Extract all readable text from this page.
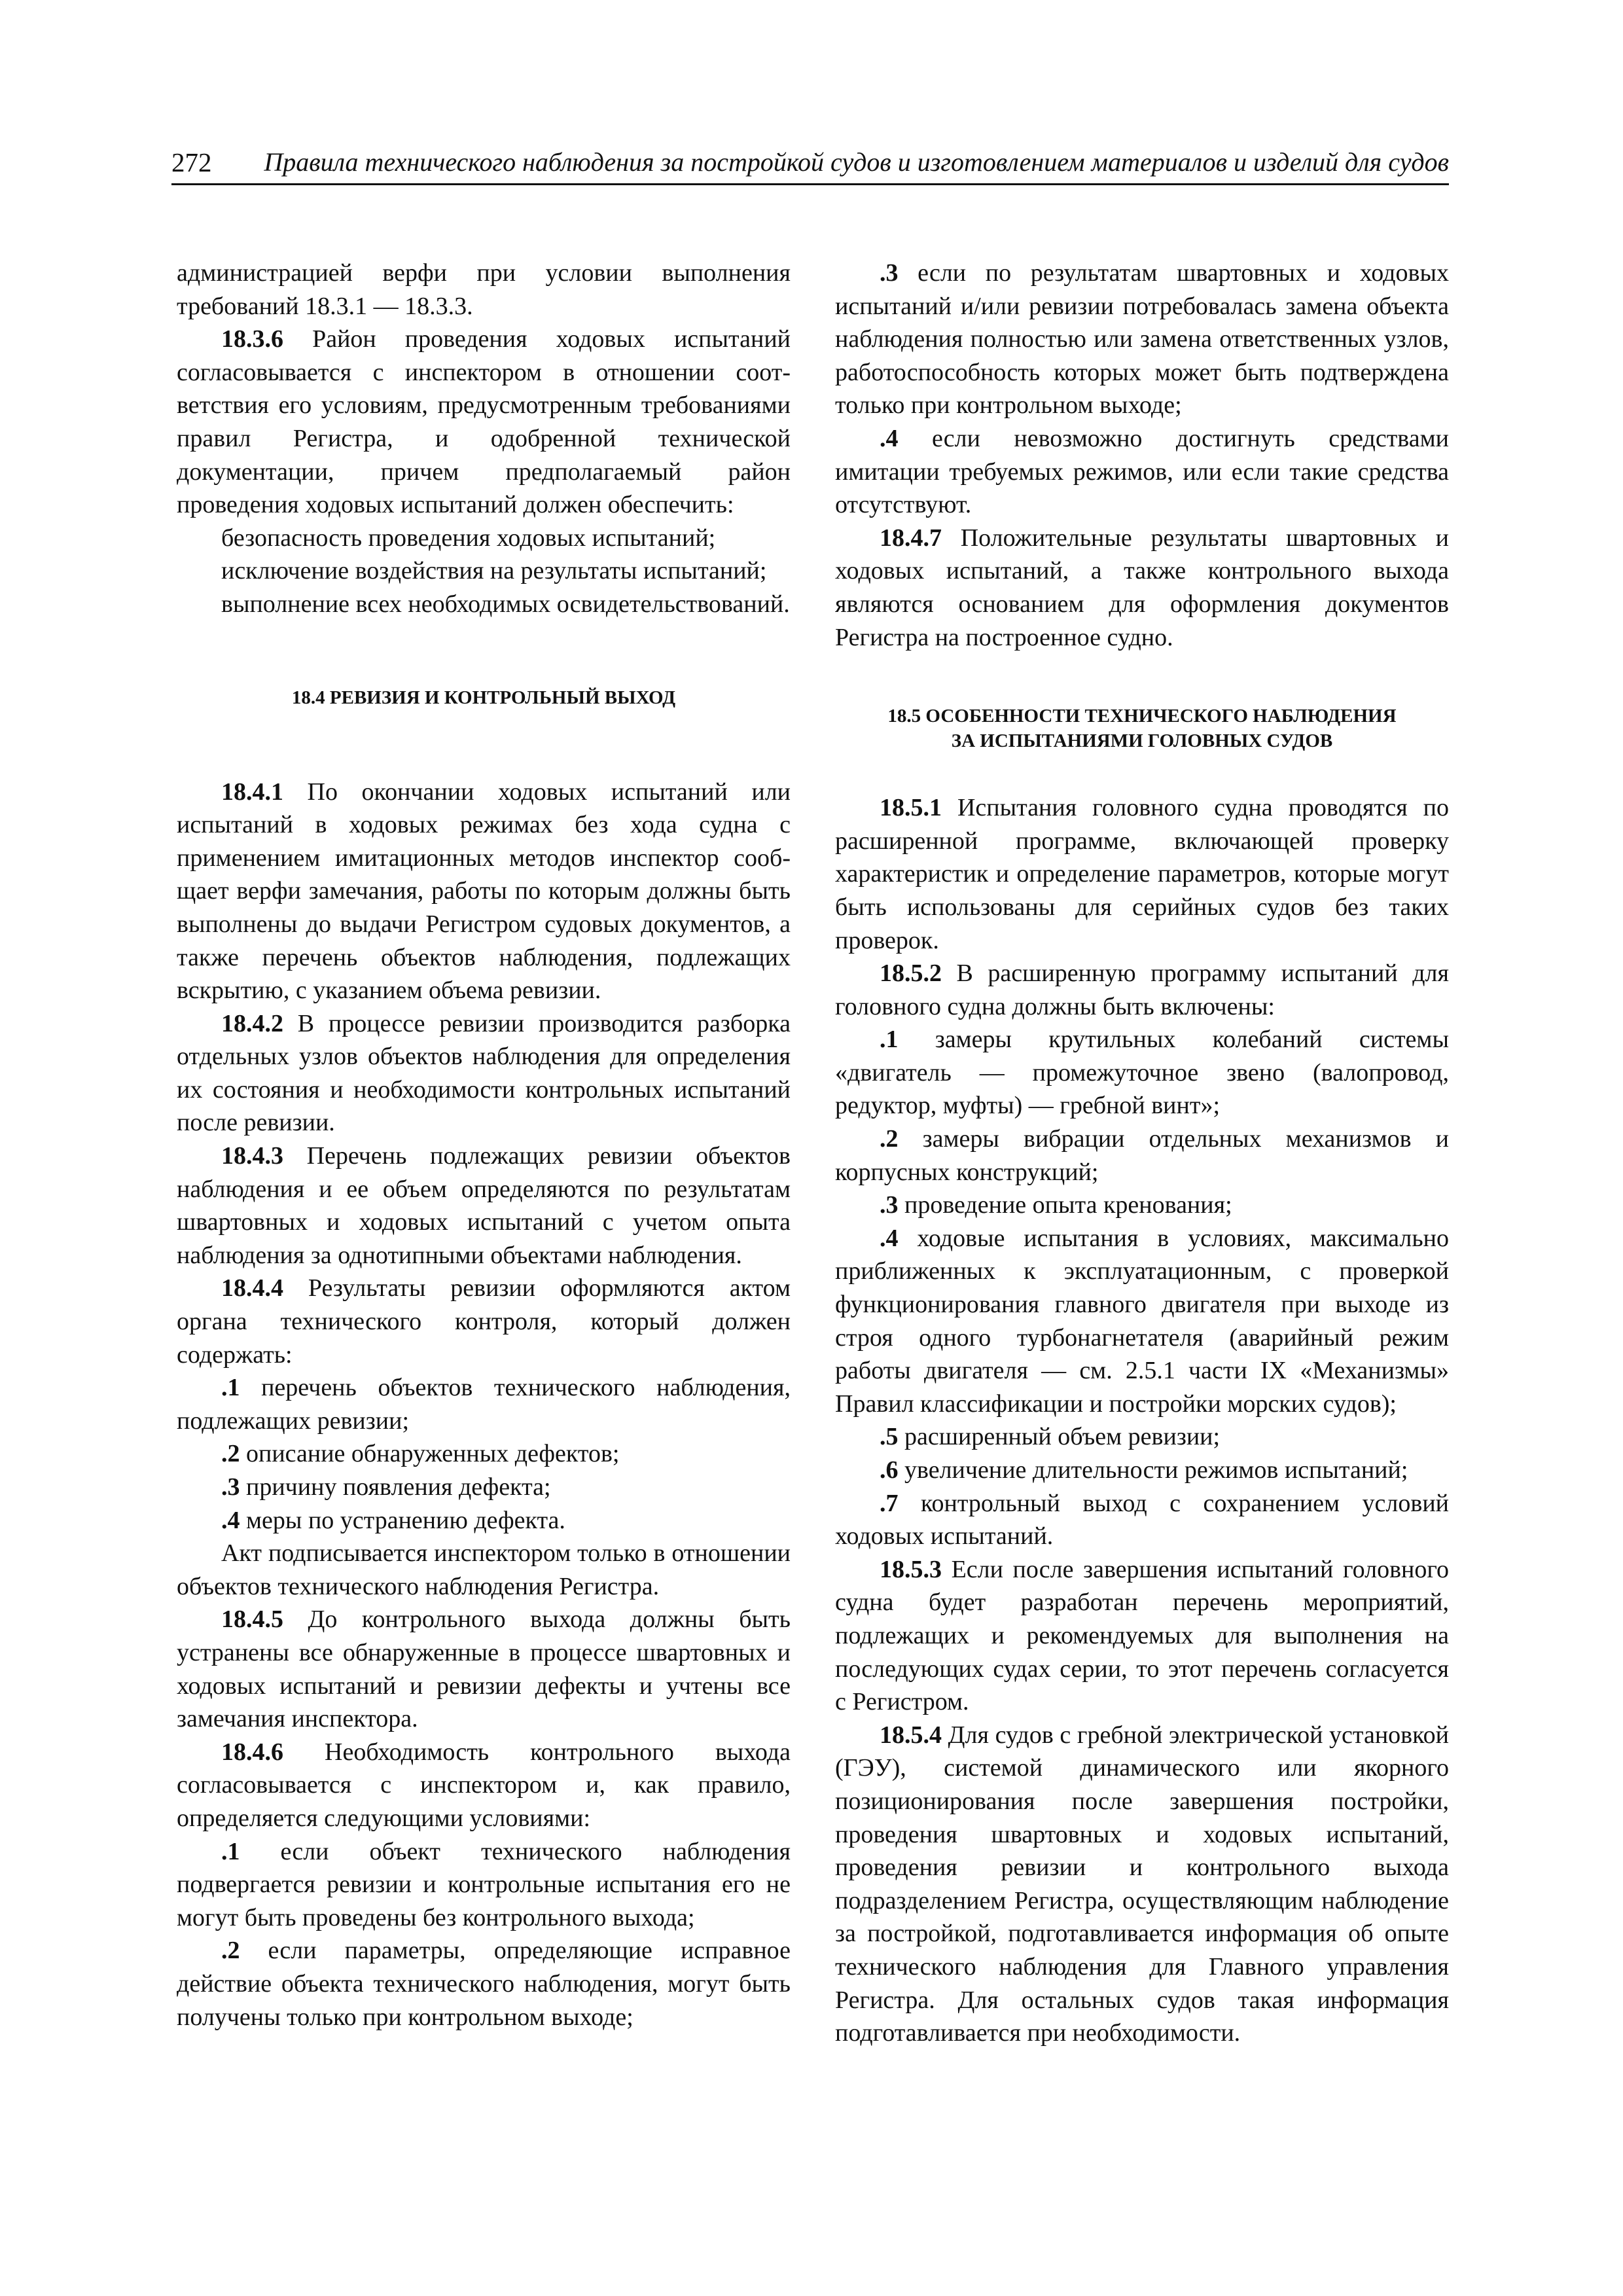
272 Правила технического наблюдения за постройкой судов и изготовлением материалов и изделий для судов

администрацией верфи при условии выполнения требований 18.3.1 — 18.3.3.

18.3.6 Район проведения ходовых испытаний согласовывается с инспектором в отношении соответствия его условиям, предусмотренным требованиями правил Регистра, и одобренной технической документации, причем предполагаемый район проведения ходовых испытаний должен обеспечить:

безопасность проведения ходовых испытаний;

исключение воздействия на результаты испытаний;

выполнение всех необходимых освидетельствований.

18.4 РЕВИЗИЯ И КОНТРОЛЬНЫЙ ВЫХОД

18.4.1 По окончании ходовых испытаний или испытаний в ходовых режимах без хода судна с применением имитационных методов инспектор сообщает верфи замечания, работы по которым должны быть выполнены до выдачи Регистром судовых документов, а также перечень объектов наблюдения, подлежащих вскрытию, с указанием объема ревизии.

18.4.2 В процессе ревизии производится разборка отдельных узлов объектов наблюдения для определения их состояния и необходимости контрольных испытаний после ревизии.

18.4.3 Перечень подлежащих ревизии объектов наблюдения и ее объем определяются по результатам швартовных и ходовых испытаний с учетом опыта наблюдения за однотипными объектами наблюдения.

18.4.4 Результаты ревизии оформляются актом органа технического контроля, который должен содержать:

.1 перечень объектов технического наблюдения, подлежащих ревизии;

.2 описание обнаруженных дефектов;

.3 причину появления дефекта;

.4 меры по устранению дефекта.

Акт подписывается инспектором только в отношении объектов технического наблюдения Регистра.

18.4.5 До контрольного выхода должны быть устранены все обнаруженные в процессе швартовных и ходовых испытаний и ревизии дефекты и учтены все замечания инспектора.

18.4.6 Необходимость контрольного выхода согласовывается с инспектором и, как правило, определяется следующими условиями:

.1 если объект технического наблюдения подвергается ревизии и контрольные испытания его не могут быть проведены без контрольного выхода;

.2 если параметры, определяющие исправное действие объекта технического наблюдения, могут быть получены только при контрольном выходе;

.3 если по результатам швартовных и ходовых испытаний и/или ревизии потребовалась замена объекта наблюдения полностью или замена ответственных узлов, работоспособность которых может быть подтверждена только при контрольном выходе;

.4 если невозможно достигнуть средствами имитации требуемых режимов, или если такие средства отсутствуют.

18.4.7 Положительные результаты швартовных и ходовых испытаний, а также контрольного выхода являются основанием для оформления документов Регистра на построенное судно.

18.5 ОСОБЕННОСТИ ТЕХНИЧЕСКОГО НАБЛЮДЕНИЯ
ЗА ИСПЫТАНИЯМИ ГОЛОВНЫХ СУДОВ

18.5.1 Испытания головного судна проводятся по расширенной программе, включающей проверку характеристик и определение параметров, которые могут быть использованы для серийных судов без таких проверок.

18.5.2 В расширенную программу испытаний для головного судна должны быть включены:

.1 замеры крутильных колебаний системы «двигатель — промежуточное звено (валопровод, редуктор, муфты) — гребной винт»;

.2 замеры вибрации отдельных механизмов и корпусных конструкций;

.3 проведение опыта кренования;

.4 ходовые испытания в условиях, максимально приближенных к эксплуатационным, с проверкой функционирования главного двигателя при выходе из строя одного турбонагнетателя (аварийный режим работы двигателя — см. 2.5.1 части IX «Механизмы» Правил классификации и постройки морских судов);

.5 расширенный объем ревизии;

.6 увеличение длительности режимов испытаний;

.7 контрольный выход с сохранением условий ходовых испытаний.

18.5.3 Если после завершения испытаний головного судна будет разработан перечень мероприятий, подлежащих и рекомендуемых для выполнения на последующих судах серии, то этот перечень согласуется с Регистром.

18.5.4 Для судов с гребной электрической установкой (ГЭУ), системой динамического или якорного позиционирования после завершения постройки, проведения швартовных и ходовых испытаний, проведения ревизии и контрольного выхода подразделением Регистра, осуществляющим наблюдение за постройкой, подготавливается информация об опыте технического наблюдения для Главного управления Регистра. Для остальных судов такая информация подготавливается при необходимости.
